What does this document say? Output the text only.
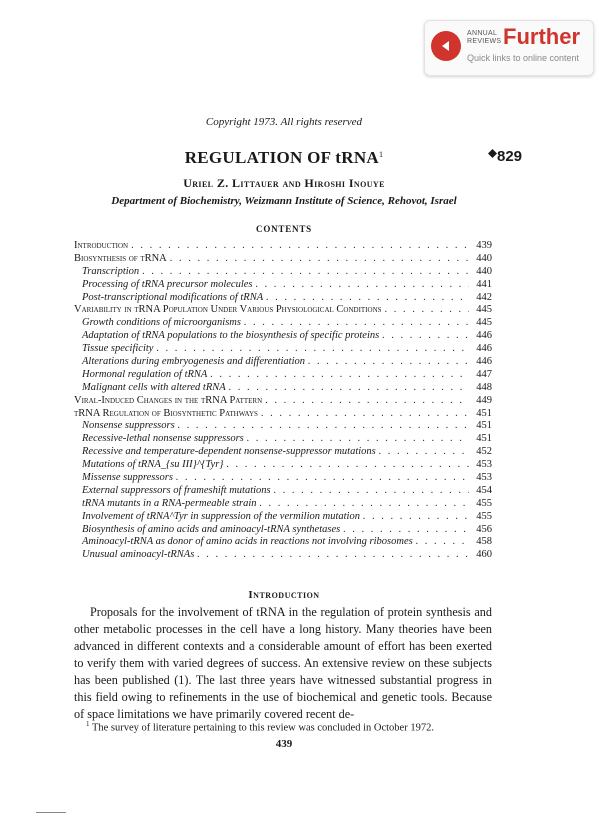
ANNUAL REVIEWS Further
Quick links to online content
Copyright 1973. All rights reserved
REGULATION OF tRNA$^1$	829
Uriel Z. Littauer and Hiroshi Inouye
Department of Biochemistry, Weizmann Institute of Science, Rehovot, Israel
CONTENTS
Introduction . . .	439
Biosynthesis of tRNA . . .	440
Transcription . . .	440
Processing of tRNA precursor molecules . . .	441
Post-transcriptional modifications of tRNA . . .	442
Variability in tRNA Population Under Various Physiological Conditions . . .	445
Growth conditions of microorganisms . . .	445
Adaptation of tRNA populations to the biosynthesis of specific proteins . . .	446
Tissue specificity . . .	446
Alterations during embryogenesis and differentiation . . .	446
Hormonal regulation of tRNA . . .	447
Malignant cells with altered tRNA . . .	448
Viral-Induced Changes in the tRNA Pattern . . .	449
tRNA Regulation of Biosynthetic Pathways . . .	451
Nonsense suppressors . . .	451
Recessive-lethal nonsense suppressors . . .	451
Recessive and temperature-dependent nonsense-suppressor mutations . . .	452
Mutations of tRNA_{su III}^{Tyr} . . .	453
Missense suppressors . . .	453
External suppressors of frameshift mutations . . .	454
tRNA mutants in a RNA-permeable strain . . .	455
Involvement of tRNA^Tyr in suppression of the vermilion mutation . . .	455
Biosynthesis of amino acids and aminoacyl-tRNA synthetases . . .	456
Aminoacyl-tRNA as donor of amino acids in reactions not involving ribosomes . . .	458
Unusual aminoacyl-tRNAs . . .	460
Introduction

Proposals for the involvement of tRNA in the regulation of protein synthesis and other metabolic processes in the cell have a long history. Many theories have been advanced in different contexts and a considerable amount of effort has been exerted to verify them with varied degrees of success. An extensive review on these subjects has been published (1). The last three years have witnessed substantial progress in this field owing to refinements in the use of biochemical and genetic tools. Because of space limitations we have primarily covered recent de-

$^1$ The survey of literature pertaining to this review was concluded in October 1972.
439
